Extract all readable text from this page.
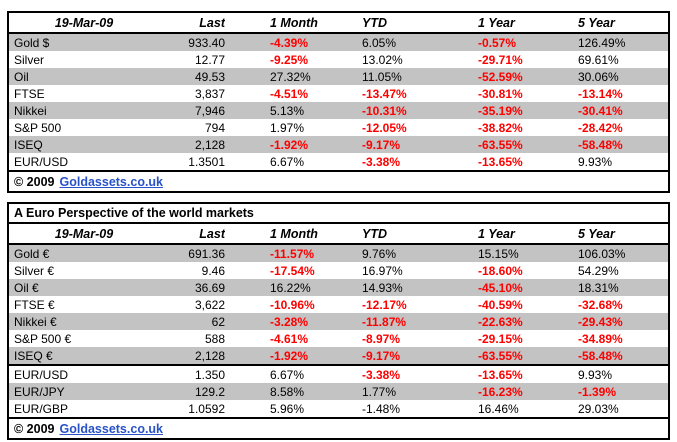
19-Mar-09	Last	1 Month	YTD	1 Year	5 Year
Gold $	933.40	-4.39%	6.05%	-0.57%	126.49%
Silver	12.77	-9.25%	13.02%	-29.71%	69.61%
Oil	49.53	27.32%	11.05%	-52.59%	30.06%
FTSE	3,837	-4.51%	-13.47%	-30.81%	-13.14%
Nikkei	7,946	5.13%	-10.31%	-35.19%	-30.41%
S&P 500	794	1.97%	-12.05%	-38.82%	-28.42%
ISEQ	2,128	-1.92%	-9.17%	-63.55%	-58.48%
EUR/USD	1.3501	6.67%	-3.38%	-13.65%	9.93%
© 2009 Goldassets.co.uk
A Euro Perspective of the world markets
19-Mar-09	Last	1 Month	YTD	1 Year	5 Year
Gold €	691.36	-11.57%	9.76%	15.15%	106.03%
Silver €	9.46	-17.54%	16.97%	-18.60%	54.29%
Oil €	36.69	16.22%	14.93%	-45.10%	18.31%
FTSE €	3,622	-10.96%	-12.17%	-40.59%	-32.68%
Nikkei €	62	-3.28%	-11.87%	-22.63%	-29.43%
S&P 500 €	588	-4.61%	-8.97%	-29.15%	-34.89%
ISEQ €	2,128	-1.92%	-9.17%	-63.55%	-58.48%
EUR/USD	1.350	6.67%	-3.38%	-13.65%	9.93%
EUR/JPY	129.2	8.58%	1.77%	-16.23%	-1.39%
EUR/GBP	1.0592	5.96%	-1.48%	16.46%	29.03%
© 2009 Goldassets.co.uk
